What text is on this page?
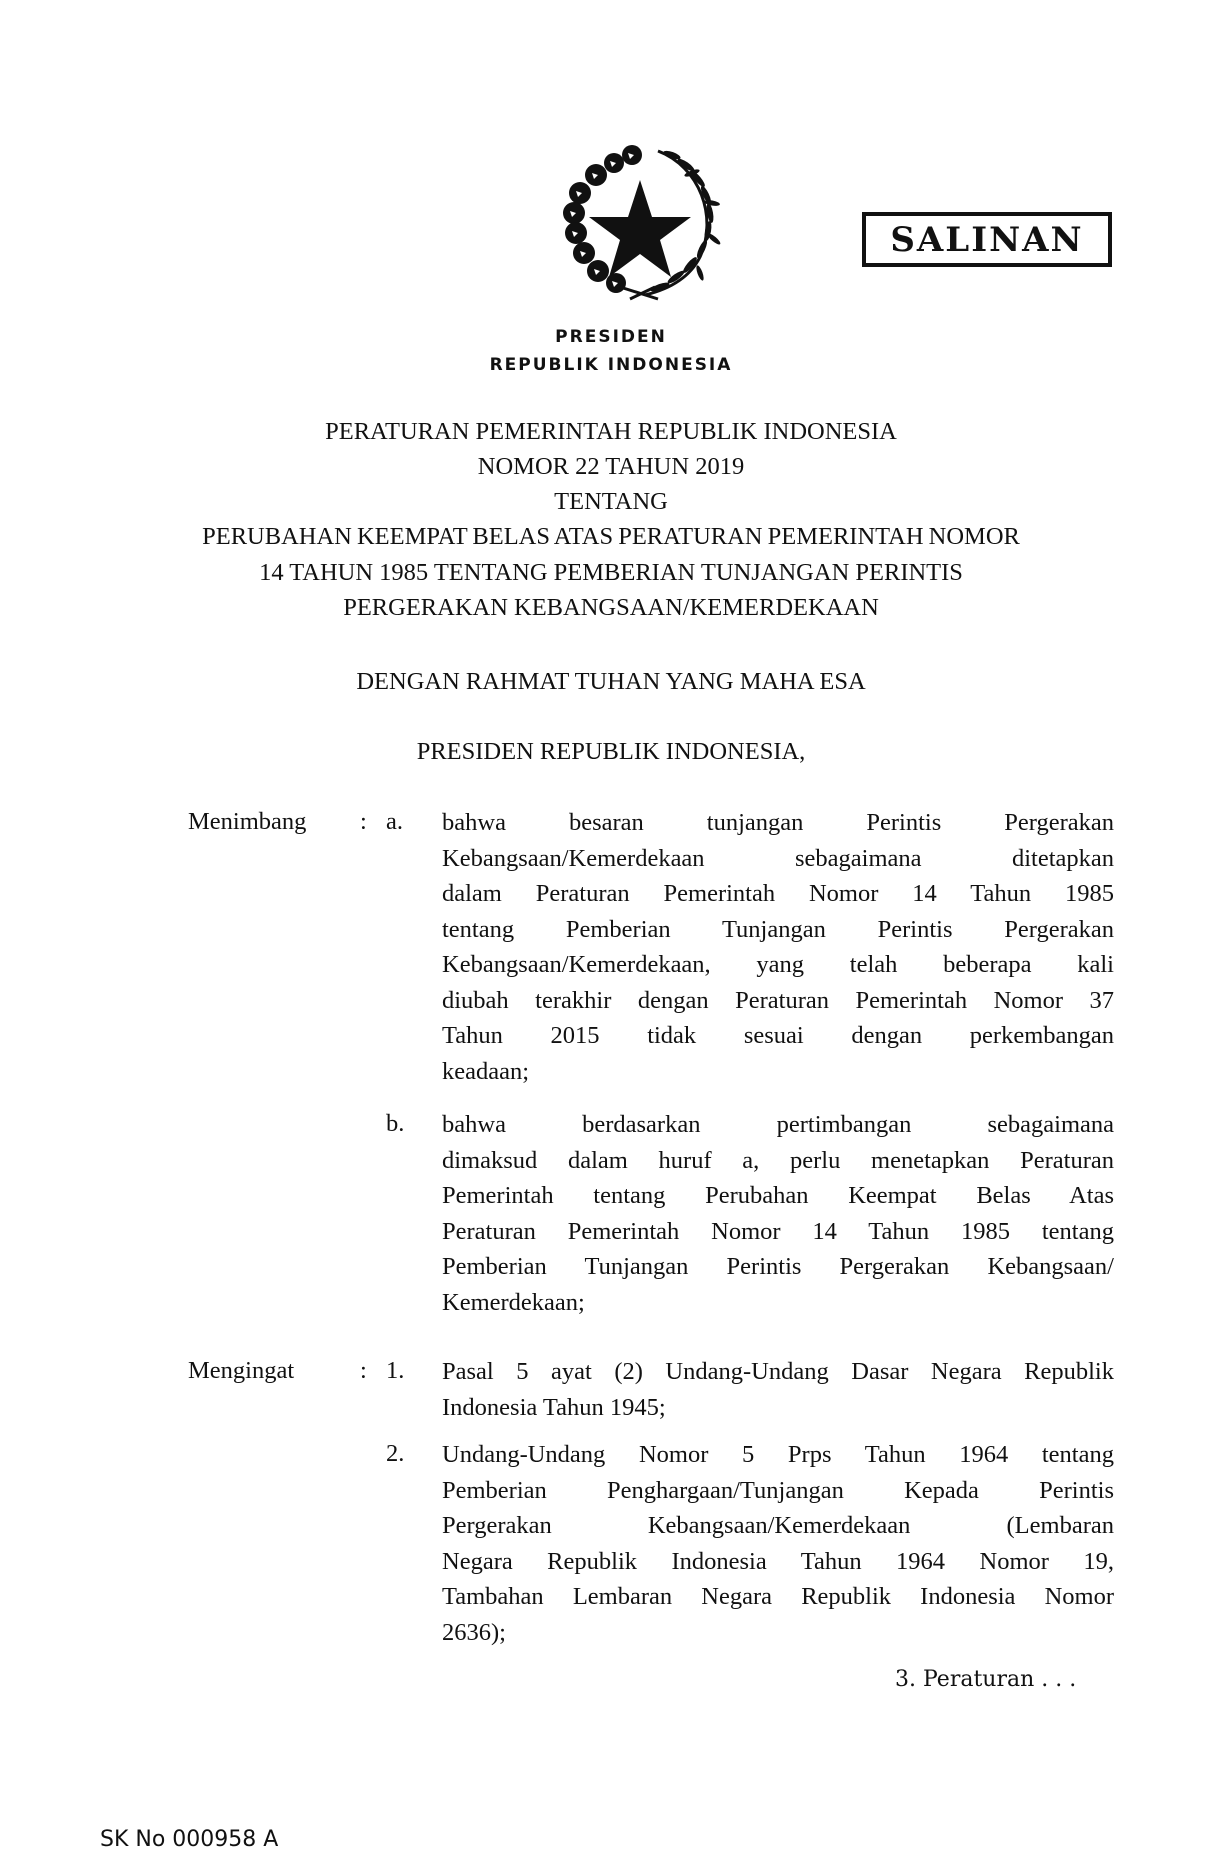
SALINAN
PRESIDEN
REPUBLIK INDONESIA
PERATURAN PEMERINTAH REPUBLIK INDONESIA
NOMOR 22 TAHUN 2019
TENTANG
PERUBAHAN KEEMPAT BELAS ATAS PERATURAN PEMERINTAH NOMOR
14 TAHUN 1985 TENTANG PEMBERIAN TUNJANGAN PERINTIS
PERGERAKAN KEBANGSAAN/KEMERDEKAAN
DENGAN RAHMAT TUHAN YANG MAHA ESA
PRESIDEN REPUBLIK INDONESIA,
Menimbang : a. bahwa besaran tunjangan Perintis Pergerakan
Kebangsaan/Kemerdekaan sebagaimana ditetapkan
dalam Peraturan Pemerintah Nomor 14 Tahun 1985
tentang Pemberian Tunjangan Perintis Pergerakan
Kebangsaan/Kemerdekaan, yang telah beberapa kali
diubah terakhir dengan Peraturan Pemerintah Nomor 37
Tahun 2015 tidak sesuai dengan perkembangan
keadaan;
b. bahwa berdasarkan pertimbangan sebagaimana
dimaksud dalam huruf a, perlu menetapkan Peraturan
Pemerintah tentang Perubahan Keempat Belas Atas
Peraturan Pemerintah Nomor 14 Tahun 1985 tentang
Pemberian Tunjangan Perintis Pergerakan Kebangsaan/
Kemerdekaan;
Mengingat	: 1. Pasal 5 ayat (2) Undang-Undang Dasar Negara Republik
Indonesia Tahun 1945;
2. Undang-Undang Nomor 5 Prps Tahun 1964 tentang
Pemberian Penghargaan/Tunjangan Kepada Perintis
Pergerakan Kebangsaan/Kemerdekaan (Lembaran
Negara Republik Indonesia Tahun 1964 Nomor 19,
Tambahan Lembaran Negara Republik Indonesia Nomor
2636);
3. Peraturan . . .
SK No 000958 A
